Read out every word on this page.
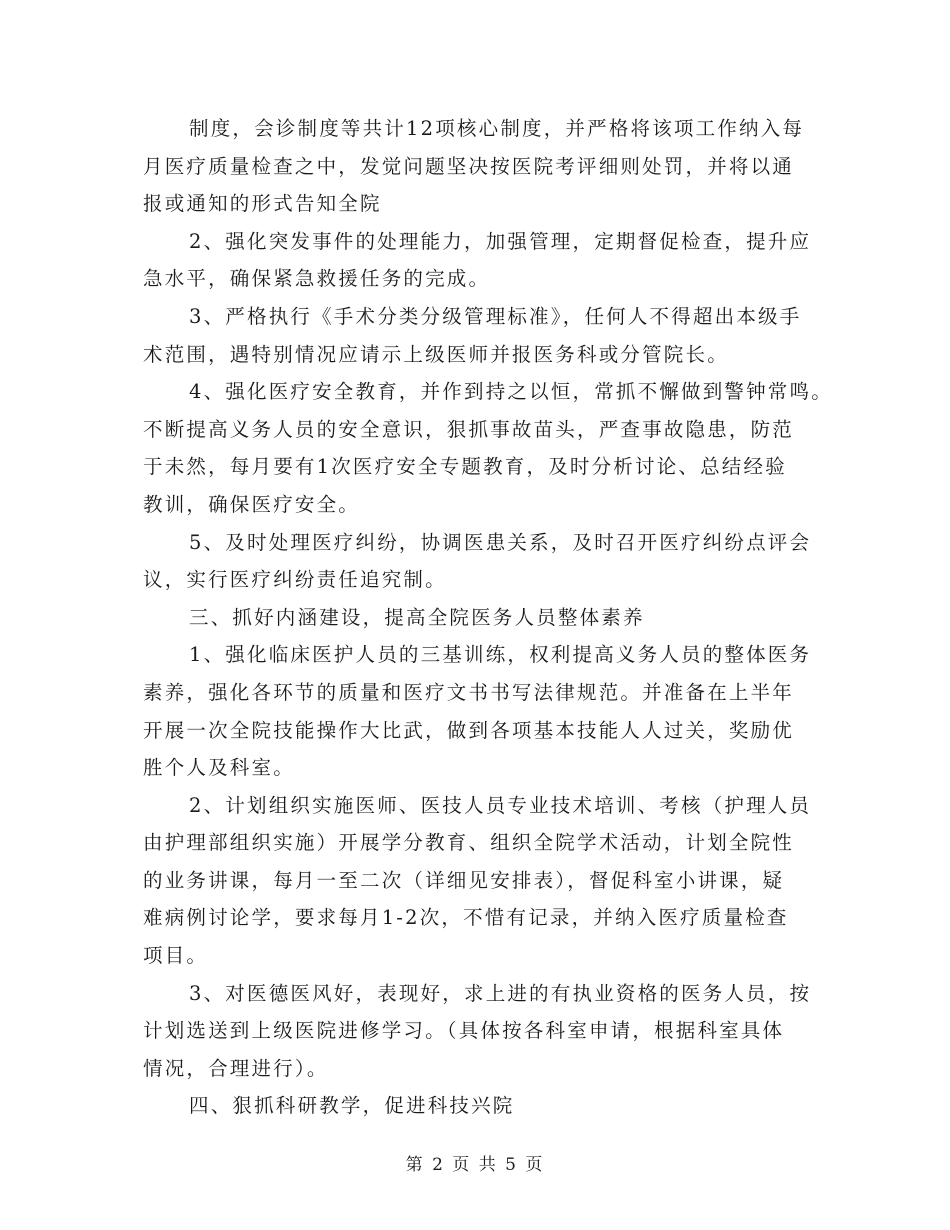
制度，会诊制度等共计12项核心制度，并严格将该项工作纳入每
月医疗质量检查之中，发觉问题坚决按医院考评细则处罚，并将以通
报或通知的形式告知全院
2、强化突发事件的处理能力，加强管理，定期督促检查，提升应
急水平，确保紧急救援任务的完成。
3、严格执行《手术分类分级管理标准》，任何人不得超出本级手
术范围，遇特别情况应请示上级医师并报医务科或分管院长。
4、强化医疗安全教育，并作到持之以恒，常抓不懈做到警钟常鸣。
不断提高义务人员的安全意识，狠抓事故苗头，严查事故隐患，防范
于未然，每月要有1次医疗安全专题教育，及时分析讨论、总结经验
教训，确保医疗安全。
5、及时处理医疗纠纷，协调医患关系，及时召开医疗纠纷点评会
议，实行医疗纠纷责任追究制。
三、抓好内涵建设，提高全院医务人员整体素养
1、强化临床医护人员的三基训练，权利提高义务人员的整体医务
素养，强化各环节的质量和医疗文书书写法律规范。并准备在上半年
开展一次全院技能操作大比武，做到各项基本技能人人过关，奖励优
胜个人及科室。
2、计划组织实施医师、医技人员专业技术培训、考核（护理人员
由护理部组织实施）开展学分教育、组织全院学术活动，计划全院性
的业务讲课，每月一至二次（详细见安排表），督促科室小讲课，疑
难病例讨论学，要求每月1-2次，不惜有记录，并纳入医疗质量检查
项目。
3、对医德医风好，表现好，求上进的有执业资格的医务人员，按
计划选送到上级医院进修学习。（具体按各科室申请，根据科室具体
情况，合理进行）。
四、狠抓科研教学，促进科技兴院
第 2 页 共 5 页
